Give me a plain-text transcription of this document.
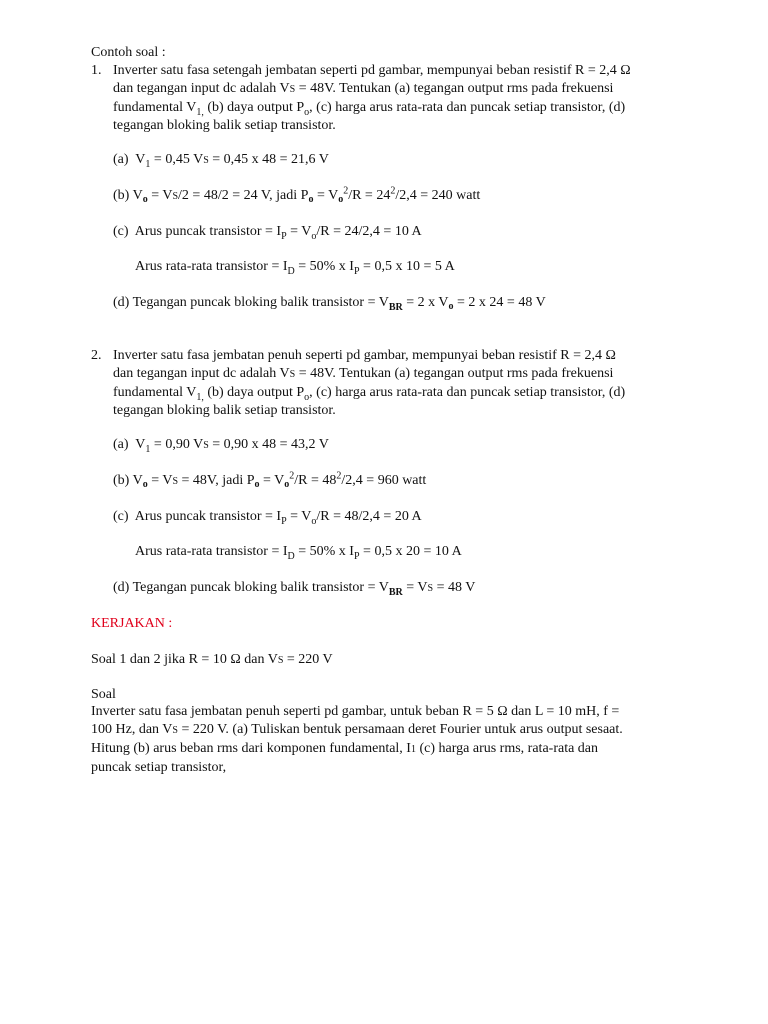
Contoh soal :

1. Inverter satu fasa setengah jembatan seperti pd gambar, mempunyai beban resistif R = 2,4 Ω
dan tegangan input dc adalah VS = 48V. Tentukan (a) tegangan output rms pada frekuensi
fundamental $V_{1,}$ (b) daya output $P_o$, (c) harga arus rata-rata dan puncak setiap transistor, (d)
tegangan bloking balik setiap transistor.

(a) $V_1 = 0,45$ VS = 0,45 x 48 = 21,6 V

(b) $V_o = VS/2 = 48/2 = 24$ V, jadi $P_o = V_o^2/R = 24^2/2,4 = 240$ watt

(c) Arus puncak transistor = $I_P = V_o/R = 24/2,4 = 10$ A

Arus rata-rata transistor = $I_D = 50\%$ x $I_P = 0,5$ x 10 = 5 A

(d) Tegangan puncak bloking balik transistor = $V_{BR} = 2$ x $V_o = 2$ x 24 = 48 V

2. Inverter satu fasa jembatan penuh seperti pd gambar, mempunyai beban resistif R = 2,4 Ω
dan tegangan input dc adalah VS = 48V. Tentukan (a) tegangan output rms pada frekuensi
fundamental $V_{1,}$ (b) daya output $P_o$, (c) harga arus rata-rata dan puncak setiap transistor, (d)
tegangan bloking balik setiap transistor.

(a) $V_1 = 0,90$ VS = 0,90 x 48 = 43,2 V

(b) $V_o$ = VS = 48V, jadi $P_o = V_o^2/R = 48^2/2,4 = 960$ watt

(c) Arus puncak transistor = $I_P = V_o/R = 48/2,4 = 20$ A

Arus rata-rata transistor = $I_D = 50\%$ x $I_P = 0,5$ x 20 = 10 A

(d) Tegangan puncak bloking balik transistor = $V_{BR}$ = VS = 48 V

KERJAKAN :

Soal 1 dan 2 jika R = 10 Ω dan VS = 220 V

Soal

Inverter satu fasa jembatan penuh seperti pd gambar, untuk beban R = 5 Ω dan L = 10 mH, f =
100 Hz, dan VS = 220 V. (a) Tuliskan bentuk persamaan deret Fourier untuk arus output sesaat.
Hitung (b) arus beban rms dari komponen fundamental, I1 (c) harga arus rms, rata-rata dan
puncak setiap transistor,
